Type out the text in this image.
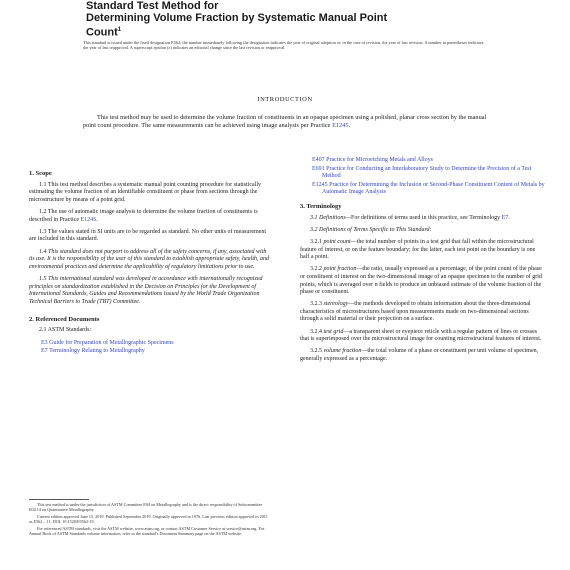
Standard Test Method for
Determining Volume Fraction by Systematic Manual Point
Count$^1$
This standard is issued under the fixed designation E562; the number immediately following the designation indicates the year of original adoption or, in the case of revision, the year of last revision. A number in parentheses indicates the year of last reapproval. A superscript epsilon (ε) indicates an editorial change since the last revision or reapproval.
INTRODUCTION
This test method may be used to determine the volume fraction of constituents in an opaque specimen using a polished, planar cross section by the manual point count procedure. The same measurements can be achieved using image analysis per Practice E1245.
1. Scope

1.1 This test method describes a systematic manual point counting procedure for statistically estimating the volume fraction of an identifiable constituent or phase from sections through the microstructure by means of a point grid.

1.2 The use of automatic image analysis to determine the volume fraction of constituents is described in Practice E1245.

1.3 The values stated in SI units are to be regarded as standard. No other units of measurement are included in this standard.

1.4 This standard does not purport to address all of the safety concerns, if any, associated with its use. It is the responsibility of the user of this standard to establish appropriate safety, health, and environmental practices and determine the applicability of regulatory limitations prior to use.

1.5 This international standard was developed in accordance with internationally recognized principles on standardization established in the Decision on Principles for the Development of International Standards, Guides and Recommendations issued by the World Trade Organization Technical Barriers to Trade (TBT) Committee.

2. Referenced Documents

2.1 ASTM Standards:

E3 Guide for Preparation of Metallographic Specimens
E7 Terminology Relating to Metallography

This test method is under the jurisdiction of ASTM Committee E04 on Metallography and is the direct responsibility of Subcommittee E04.14 on Quantitative Metallography.

Current edition approved June 15, 2019. Published September 2019. Originally approved in 1976. Last previous edition approved in 2011 as E562 – 11. DOI: 10.1520/E0562-19.

For referenced ASTM standards, visit the ASTM website, www.astm.org, or contact ASTM Customer Service at service@astm.org. For Annual Book of ASTM Standards volume information, refer to the standard's Document Summary page on the ASTM website.

E407 Practice for Microetching Metals and Alloys
E691 Practice for Conducting an Interlaboratory Study to Determine the Precision of a Test Method
E1245 Practice for Determining the Inclusion or Second-Phase Constituent Content of Metals by Automatic Image Analysis
3. Terminology

3.1 Definitions—For definitions of terms used in this practice, see Terminology E7.

3.2 Definitions of Terms Specific to This Standard:

3.2.1 point count—the total number of points in a test grid that fall within the microstructural feature of interest, or on the feature boundary; for the latter, each test point on the boundary is one half a point.

3.2.2 point fraction—the ratio, usually expressed as a percentage, of the point count of the phase or constituent of interest on the two-dimensional image of an opaque specimen to the number of grid points, which is averaged over n fields to produce an unbiased estimate of the volume fraction of the phase or constituent.

3.2.3 stereology—the methods developed to obtain information about the three-dimensional characteristics of microstructures based upon measurements made on two-dimensional sections through a solid material or their projection on a surface.

3.2.4 test grid—a transparent sheet or eyepiece reticle with a regular pattern of lines or crosses that is superimposed over the microstructural image for counting microstructural features of interest.

3.2.5 volume fraction—the total volume of a phase or constituent per unit volume of specimen, generally expressed as a percentage.
